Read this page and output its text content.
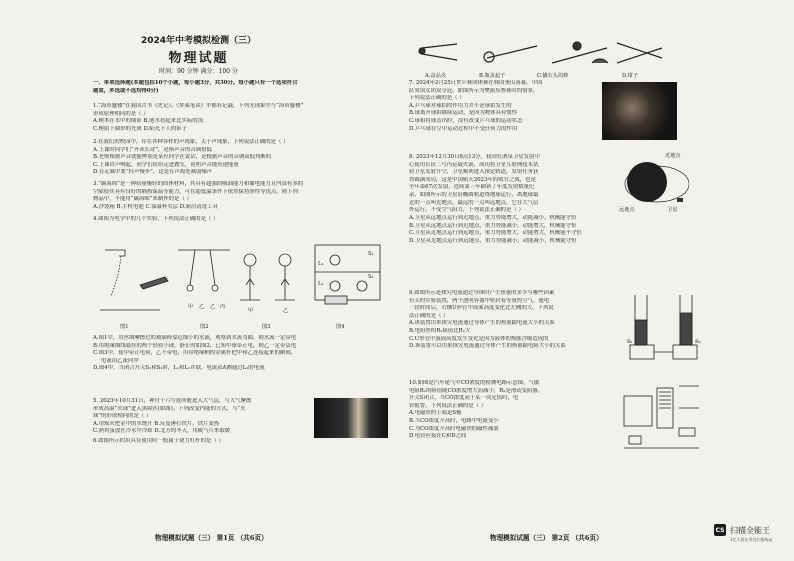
2024年中考模拟检测（三）
物理试题
时间：90 分钟 满分：100 分

一、单项选择题(本题包括10个小题，每小题3分，共30分。每小题只有一个选项符合

题意，多选或不选均得0分)

1.“海市蜃楼”在我国古书《史记》、《梦溪笔谈》中都有记载，下列光现象中与“海市蜃楼”

形成原理相同的是（ ）

A.树木在水中的倒影 B.池水看起来比实际的浅

C.树荫下圆形的光斑 D.阳光下人的影子

2.在我们的校园中，存在各种各样的声现象，关于声现象，下列说法正确的是（ ）

A.上课时同学们“齐读长诗”，是指声音的音调很低

B.老师根据声音就能辨别是某位同学在说话，是根据声音的音调高低判断的

C.上课铃声响起，同学们纷纷走进教室，说明声音能传递能量

D.在走廊中要“轻声慢步”，这是在声源处减弱噪声

3.“碳海绵”是一种质量极轻的固体材料，其具有超强的吸油能力和储电能力且内部有多的

空隙使其具有良好的隔热保温等能力，可在超低温条件下依然保持弹性等优点，则下列

物品中，不能用“碳海绵”来制作的是（ ）

A.沙袋箱 B.手机电池 C.保温杯夹层 D.厨房清洗工具

4.如图为电学中的几个实验，下列说法正确的是（ ）

甲 乙 乙 丙
甲	乙
L₁
L₂
S₁
S₂
图1	图2	图3	图4

A.图1中，用丝绸摩擦过的玻璃棒靠近细小的水流，观察到水流弯曲，则水流一定带电

B.用绝缘细线悬挂的两个轻质小球，静止时如图2，已知甲球带正电，则乙一定带负电

C.图3中，使甲带正电荷，乙不带电，用带绝缘柄的金属杆把甲和乙连接起来的瞬间，

电流由乙流向甲

D.图4中，当闭合开关S₁和S₂时，L₁和L₂并联，电流表A测通过L₂的电流

5. 2023年10月31日，神舟十六号返回舱进入大气层，与大气摩擦

形成高温“火球”进入黑障区(如图)。下列改变内能的方式，与“火

球”的形成相同的是（ ）

A.用煤火把金中的水烧开 B.反复锤打铁片，铁片变热

C.熟鸡蛋放在冷水中冷却 D.北方的冬天，用暖气片来取暖

6.如图所示的用具在使用时一般属于费力杠杆的是（ ）

物理模拟试题（三） 第1页 （共6页）
A.食品夹	B.瓶盖起子	C.撬石头的棒	D.钳子

7. 2024年2月25日世乒赛团体赛在韩国釜山落幕，中国

队男国女团双夺冠，如图所示为樊振东参赛时的情景，

下列说法正确的是（ ）

A.乒乓球对球拍的作用力并不是球拍发生的

B.球离开球拍继续运动，是因为物体具有惯性

C.球拍将球击出时，没有改变乒乓球的运动状态

D.乒乓球在空中运动过程中不受任何力的作用

8. 2023年12月30日8点13分，我国在酒泉卫星发射中

心使用长征二号丙运载火箭，成功将卫星互联网技术试

验卫星发射升空，卫星顺利进入预定轨道，发射任务获

得圆满成功，这是中国航天2023年的收官之战，也是

全年第67次发射，连续第三年刷新了年度发射数量纪

录，如图所示的卫星沿椭圆轨道绕地球运行，离地球最

近的一点叫近地点，最远的一点叫远地点，它在大气层

外运行，不受空气阻力，下列说法正确的是（ ）

A.卫星从远地点运行到近地点，重力势能增大，动能减小，机械能守恒

B.卫星从远地点运行到近地点，重力势能减小，动能增大，机械能守恒

C.卫星从近地点运行到远地点，重力势能增大，动能增大，机械能不守恒

D.卫星从近地点运行到远地点，重力势能减小，动能减小，机械能守恒

近地点
远地点	卫星

9.如图所示是探究电流通过导体时产生热量的多少与哪些因素

有关的实验装置，两个透明容器中密封着等量的空气，通电

一段时间后，右侧U形管中液面高度变化比左侧的大，下列说

法正确的是（ ）

A.该装置用来探究电流通过导体产生的热量跟电流大小的关系

B.电阻丝的R₁阻值比R₂大

C.U形管中液面高度发生变化是因为液体的热胀冷缩造成的

D.该装置可以用来探究电流通过导体产生的热量跟电阻大小的关系

R₁	R₂

10.如图是汽车尾气中CO浓度的检测电路示意图，气敏

电阻R₁的阻值随CO浓度增大而减小，R₂是滑动变阻器，

开关S闭合，当CO浓度高于某一设定值时，电

铃报警，下列说法正确的是（ ）

A.电磁铁的上端是S极

B.当CO浓度升高时，电路中电流变小

C.为CO浓度升高时电磁铁的磁性减弱

D.电铃应接在C和D之间

物理模拟试题（三） 第2页 （共6页）
CS 扫描全能王
3亿人都在用的扫描App
